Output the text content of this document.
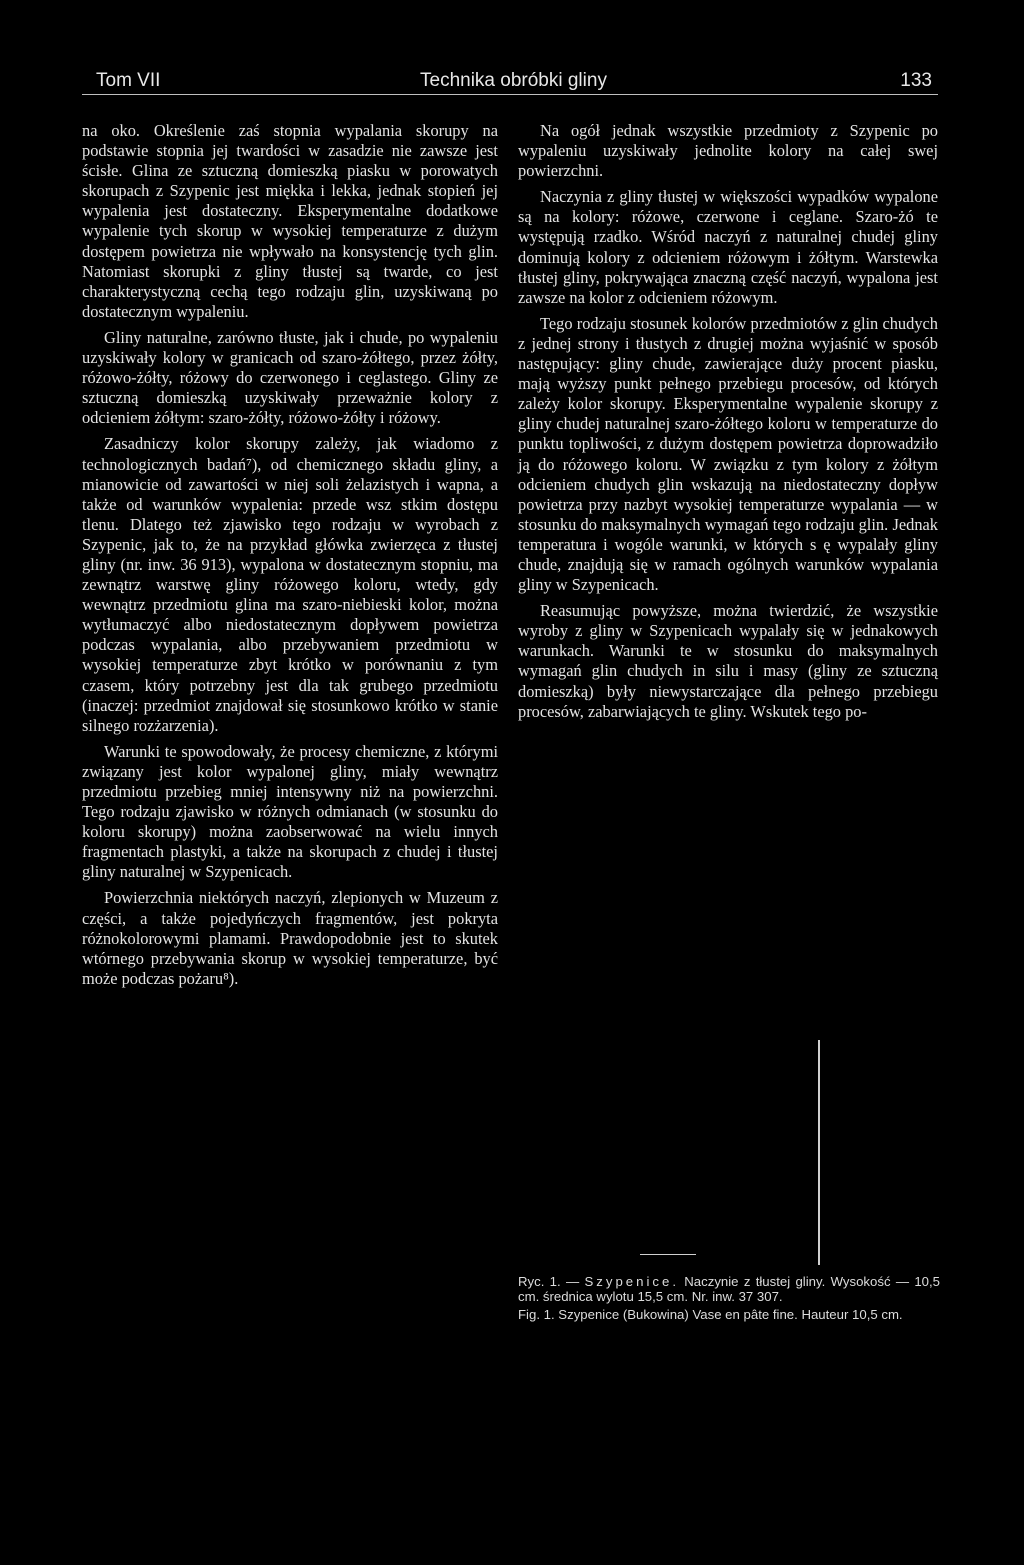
Tom VII	Technika obróbki gliny	133

na oko. Określenie zaś stopnia wypalania skorupy na podstawie stopnia jej twardości w zasadzie nie zawsze jest ścisłe. Glina ze sztuczną domieszką piasku w porowatych skorupach z Szypenic jest miękka i lekka, jednak stopień jej wypalenia jest dostateczny. Eksperymentalne dodatkowe wypalenie tych skorup w wysokiej temperaturze z dużym dostępem powietrza nie wpływało na konsystencję tych glin. Natomiast skorupki z gliny tłustej są twarde, co jest charakterystyczną cechą tego rodzaju glin, uzyskiwaną po dostatecznym wypaleniu.

Gliny naturalne, zarówno tłuste, jak i chude, po wypaleniu uzyskiwały kolory w granicach od szaro-żółtego, przez żółty, różowo-żółty, różowy do czerwonego i ceglastego. Gliny ze sztuczną domieszką uzyskiwały przeważnie kolory z odcieniem żółtym: szaro-żółty, różowo-żółty i różowy.

Zasadniczy kolor skorupy zależy, jak wiadomo z technologicznych badań⁷), od chemicznego składu gliny, a mianowicie od zawartości w niej soli żelazistych i wapna, a także od warunków wypalenia: przede wsz stkim dostępu tlenu. Dlatego też zjawisko tego rodzaju w wyrobach z Szypenic, jak to, że na przykład główka zwierzęca z tłustej gliny (nr. inw. 36 913), wypalona w dostatecznym stopniu, ma zewnątrz warstwę gliny różowego koloru, wtedy, gdy wewnątrz przedmiotu glina ma szaro-niebieski kolor, można wytłumaczyć albo niedostatecznym dopływem powietrza podczas wypalania, albo przebywaniem przedmiotu w wysokiej temperaturze zbyt krótko w porównaniu z tym czasem, który potrzebny jest dla tak grubego przedmiotu (inaczej: przedmiot znajdował się stosunkowo krótko w stanie silnego rozżarzenia).

Warunki te spowodowały, że procesy chemiczne, z którymi związany jest kolor wypalonej gliny, miały wewnątrz przedmiotu przebieg mniej intensywny niż na powierzchni. Tego rodzaju zjawisko w różnych odmianach (w stosunku do koloru skorupy) można zaobserwować na wielu innych fragmentach plastyki, a także na skorupach z chudej i tłustej gliny naturalnej w Szypenicach.

Powierzchnia niektórych naczyń, zlepionych w Muzeum z części, a także pojedyńczych fragmentów, jest pokryta różnokolorowymi plamami. Prawdopodobnie jest to skutek wtórnego przebywania skorup w wysokiej temperaturze, być może podczas pożaru⁸).

Na ogół jednak wszystkie przedmioty z Szypenic po wypaleniu uzyskiwały jednolite kolory na całej swej powierzchni.

Naczynia z gliny tłustej w większości wypadków wypalone są na kolory: różowe, czerwone i ceglane. Szaro-żó te występują rzadko. Wśród naczyń z naturalnej chudej gliny dominują kolory z odcieniem różowym i żółtym. Warstewka tłustej gliny, pokrywająca znaczną część naczyń, wypalona jest zawsze na kolor z odcieniem różowym.

Tego rodzaju stosunek kolorów przedmiotów z glin chudych z jednej strony i tłustych z drugiej można wyjaśnić w sposób następujący: gliny chude, zawierające duży procent piasku, mają wyższy punkt pełnego przebiegu procesów, od których zależy kolor skorupy. Eksperymentalne wypalenie skorupy z gliny chudej naturalnej szaro-żółtego koloru w temperaturze do punktu topliwości, z dużym dostępem powietrza doprowadziło ją do różowego koloru. W związku z tym kolory z żółtym odcieniem chudych glin wskazują na niedostateczny dopływ powietrza przy nazbyt wysokiej temperaturze wypalania — w stosunku do maksymalnych wymagań tego rodzaju glin. Jednak temperatura i wogóle warunki, w których s ę wypalały gliny chude, znajdują się w ramach ogólnych warunków wypalania gliny w Szypenicach.

Reasumując powyższe, można twierdzić, że wszystkie wyroby z gliny w Szypenicach wypalały się w jednakowych warunkach. Warunki te w stosunku do maksymalnych wymagań glin chudych in silu i masy (gliny ze sztuczną domieszką) były niewystarczające dla pełnego przebiegu procesów, zabarwiających te gliny. Wskutek tego po-

Ryc. 1. — Szypenice. Naczynie z tłustej gliny. Wysokość — 10,5 cm. średnica wylotu 15,5 cm. Nr. inw. 37 307.

Fig. 1. Szypenice (Bukowina) Vase en pâte fine. Hauteur 10,5 cm.
